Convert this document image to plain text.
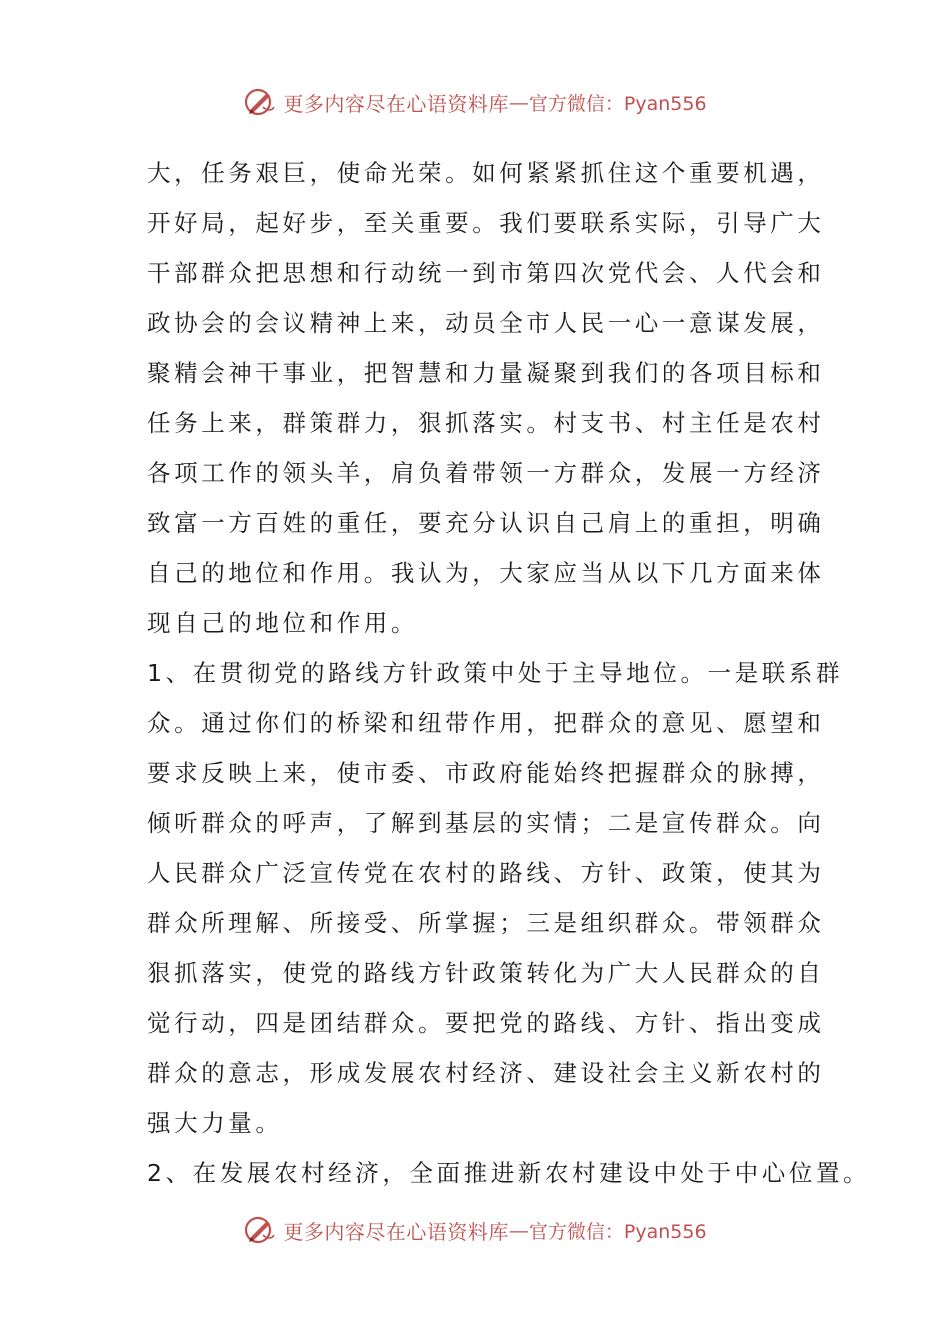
更多内容尽在心语资料库 — 官方微信：Pyan556
大，任务艰巨，使命光荣。如何紧紧抓住这个重要机遇，
开好局，起好步，至关重要。我们要联系实际，引导广大
干部群众把思想和行动统一到市第四次党代会、人代会和
政协会的会议精神上来，动员全市人民一心一意谋发展，
聚精会神干事业，把智慧和力量凝聚到我们的各项目标和
任务上来，群策群力，狠抓落实。村支书、村主任是农村
各项工作的领头羊，肩负着带领一方群众，发展一方经济
致富一方百姓的重任，要充分认识自己肩上的重担，明确
自己的地位和作用。我认为，大家应当从以下几方面来体
现自己的地位和作用。
1、在贯彻党的路线方针政策中处于主导地位。一是联系群
众。通过你们的桥梁和纽带作用，把群众的意见、愿望和
要求反映上来，使市委、市政府能始终把握群众的脉搏，
倾听群众的呼声，了解到基层的实情；二是宣传群众。向
人民群众广泛宣传党在农村的路线、方针、政策，使其为
群众所理解、所接受、所掌握；三是组织群众。带领群众
狠抓落实，使党的路线方针政策转化为广大人民群众的自
觉行动，四是团结群众。要把党的路线、方针、指出变成
群众的意志，形成发展农村经济、建设社会主义新农村的
强大力量。
2、在发展农村经济，全面推进新农村建设中处于中心位置。
更多内容尽在心语资料库 — 官方微信：Pyan556
